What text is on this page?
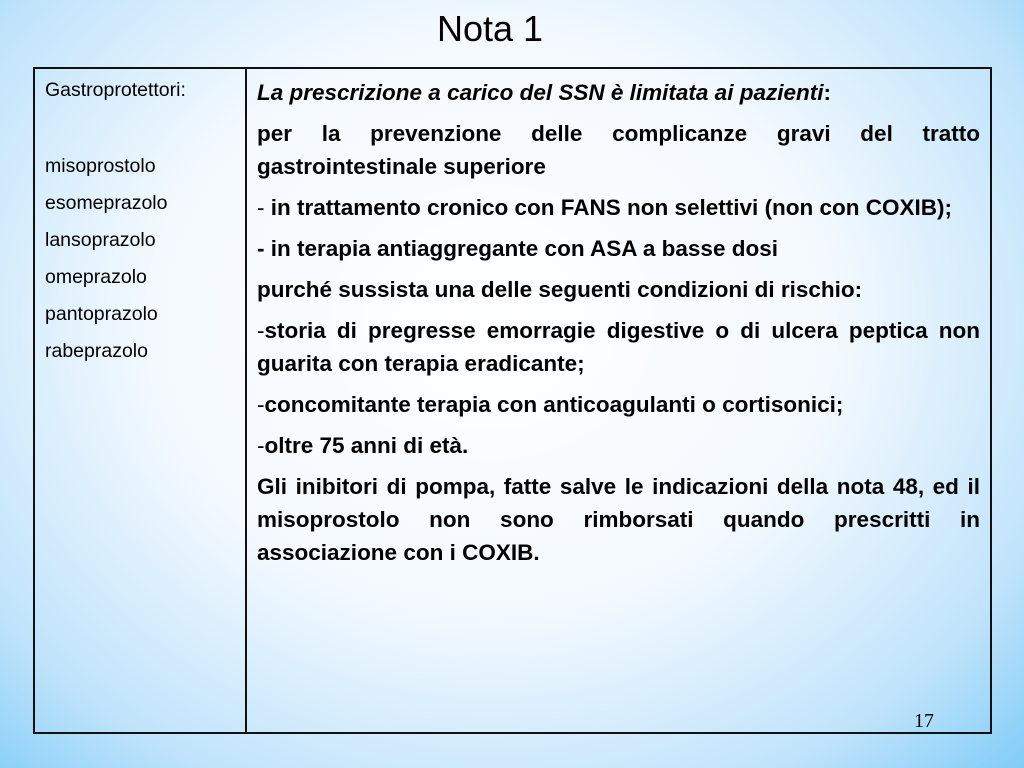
Nota 1
Gastroprotettori:
misoprostolo
esomeprazolo
lansoprazolo
omeprazolo
pantoprazolo
rabeprazolo

La prescrizione a carico del SSN è limitata ai pazienti:

per la prevenzione delle complicanze gravi del tratto gastrointestinale superiore

- in trattamento cronico con FANS non selettivi (non con COXIB);

- in terapia antiaggregante con ASA a basse dosi

purché sussista una delle seguenti condizioni di rischio:

-storia di pregresse emorragie digestive o di ulcera peptica non guarita con terapia eradicante;

-concomitante terapia con anticoagulanti o cortisonici;

-oltre 75 anni di età.

Gli inibitori di pompa, fatte salve le indicazioni della nota 48, ed il misoprostolo non sono rimborsati quando prescritti in associazione con i COXIB.

17
